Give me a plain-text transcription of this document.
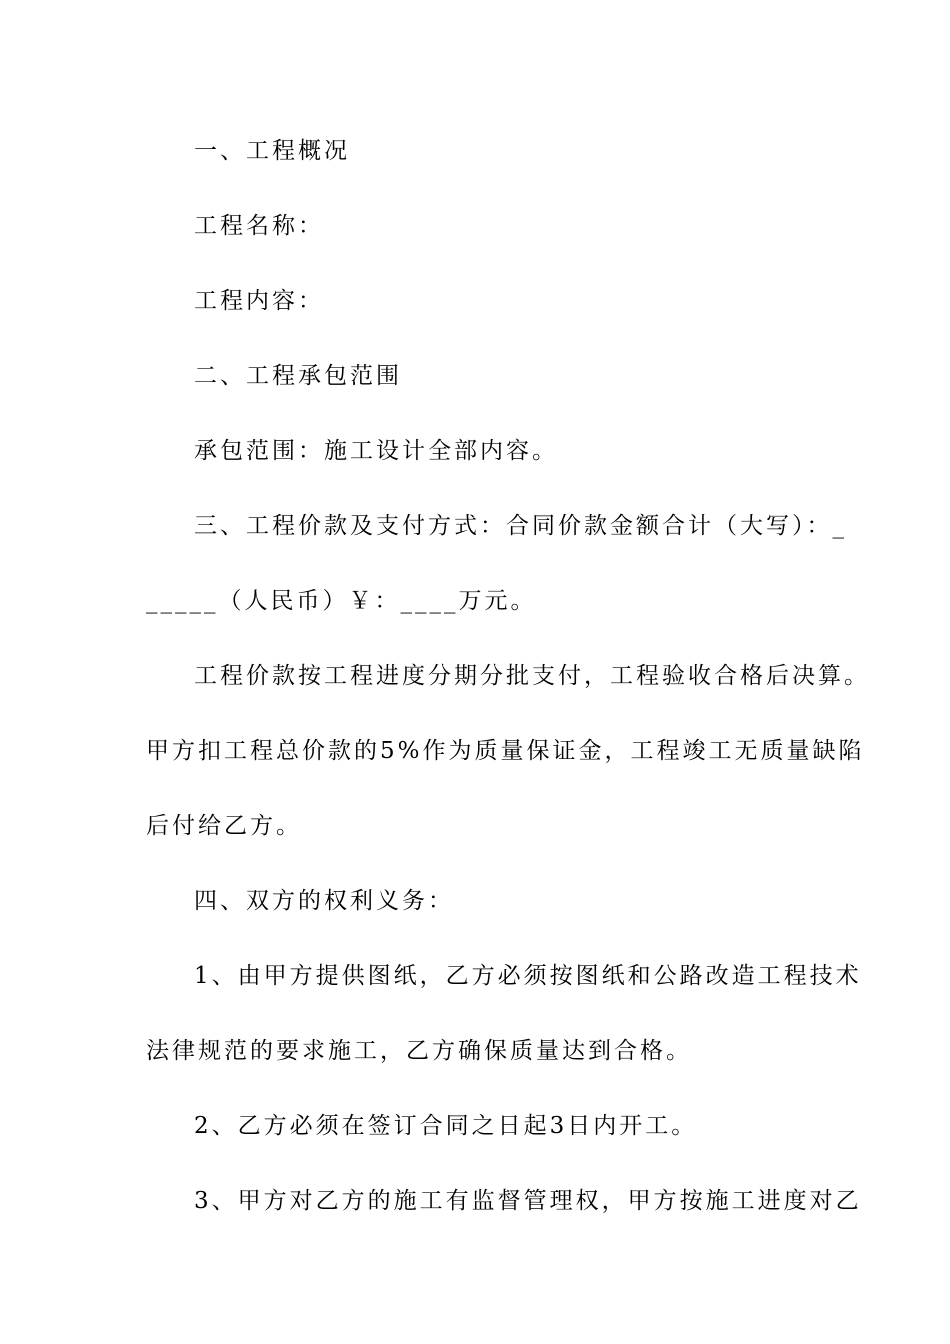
一、工程概况
工程名称：
工程内容：
二、工程承包范围
承包范围：施工设计全部内容。
三、工程价款及支付方式：合同价款金额合计（大写）：_
_____（人民币）￥：____万元。
工程价款按工程进度分期分批支付，工程验收合格后决算。
甲方扣工程总价款的5%作为质量保证金，工程竣工无质量缺陷
后付给乙方。
四、双方的权利义务：
1、由甲方提供图纸，乙方必须按图纸和公路改造工程技术
法律规范的要求施工，乙方确保质量达到合格。
2、乙方必须在签订合同之日起3日内开工。
3、甲方对乙方的施工有监督管理权，甲方按施工进度对乙
